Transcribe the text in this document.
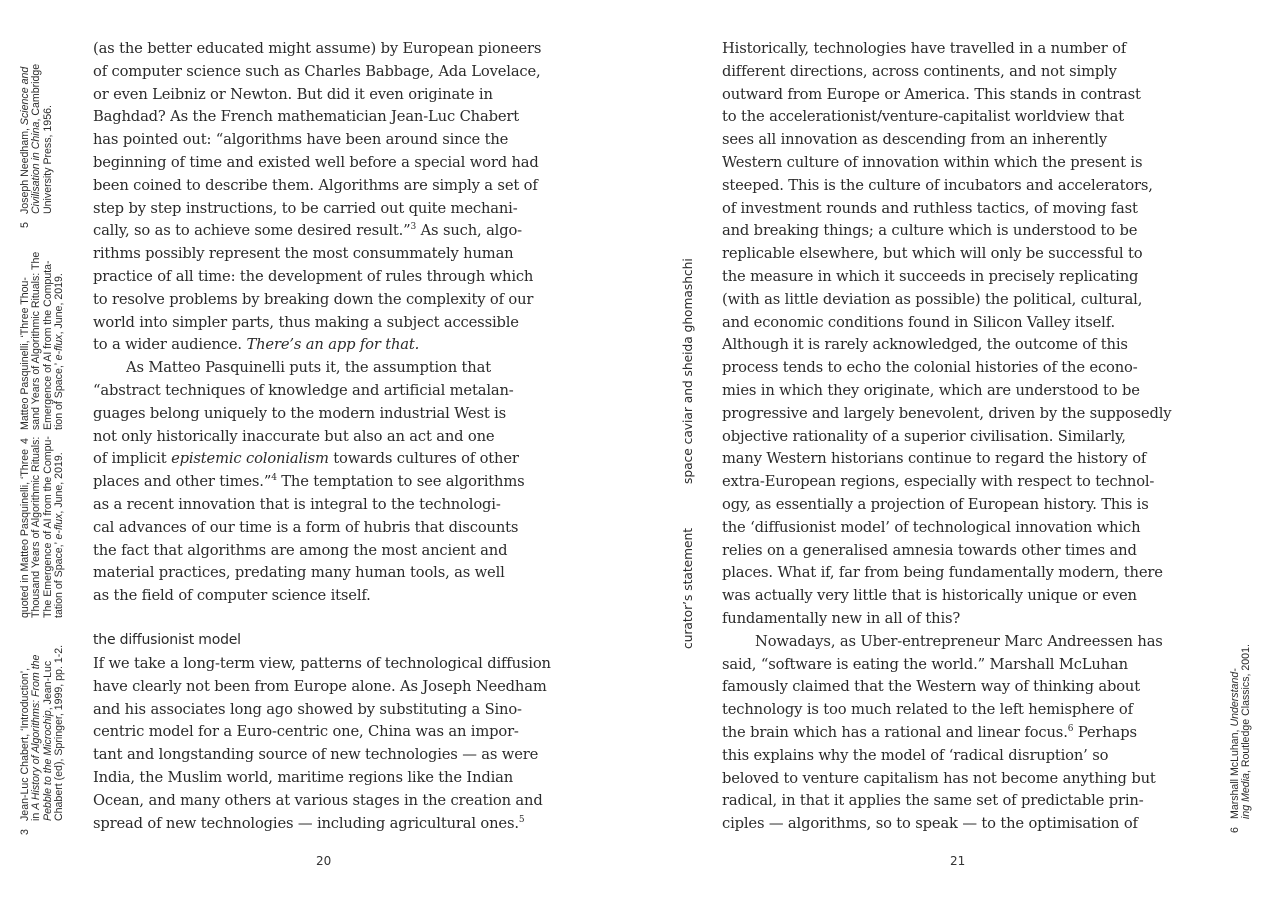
3Jean-Luc Chabert, ‘Introduction’, in A History of Algorithms: From the Pebble to the Microchip, Jean-Luc Chabert (ed), Springer, 1999, pp. 1-2.
quoted in Matteo Pasquinelli, ‘Three Thousand Years of Algorithmic Rituals: The Emergence of AI from the Compu- tation of Space,’ e-flux, June, 2019.
4Matteo Pasquinelli, ‘Three Thou- sand Years of Algorithmic Rituals: The Emergence of AI from the Computa- tion of Space,’ e-flux, June, 2019.
5Joseph Needham, Science and
Civilisation in China, Cambridge
University Press, 1956.
(as the better educated might assume) by European pioneers
of computer science such as Charles Babbage, Ada Lovelace,
or even Leibniz or Newton. But did it even originate in
Baghdad? As the French mathematician Jean-Luc Chabert
has pointed out: “algorithms have been around since the
beginning of time and existed well before a special word had
been coined to describe them. Algorithms are simply a set of
step by step instructions, to be carried out quite mechani-
cally, so as to achieve some desired result.”$^3$ As such, algo-
rithms possibly represent the most consummately human
practice of all time: the development of rules through which
to resolve problems by breaking down the complexity of our
world into simpler parts, thus making a subject accessible
to a wider audience. There’s an app for that.
As Matteo Pasquinelli puts it, the assumption that
“abstract techniques of knowledge and artificial metalan-
guages belong uniquely to the modern industrial West is
not only historically inaccurate but also an act and one
of implicit epistemic colonialism towards cultures of other
places and other times.”$^4$ The temptation to see algorithms
as a recent innovation that is integral to the technologi-
cal advances of our time is a form of hubris that discounts
the fact that algorithms are among the most ancient and
material practices, predating many human tools, as well
as the field of computer science itself.
the diffusionist model
If we take a long-term view, patterns of technological diffusion
have clearly not been from Europe alone. As Joseph Needham
and his associates long ago showed by substituting a Sino-
centric model for a Euro-centric one, China was an impor-
tant and longstanding source of new technologies — as were
India, the Muslim world, maritime regions like the Indian
Ocean, and many others at various stages in the creation and
spread of new technologies — including agricultural ones.$^5$
20
curator’s statementspace caviar and sheida ghomashchi
Historically, technologies have travelled in a number of
different directions, across continents, and not simply
outward from Europe or America. This stands in contrast
to the accelerationist/venture-capitalist worldview that
sees all innovation as descending from an inherently
Western culture of innovation within which the present is
steeped. This is the culture of incubators and accelerators,
of investment rounds and ruthless tactics, of moving fast
and breaking things; a culture which is understood to be
replicable elsewhere, but which will only be successful to
the measure in which it succeeds in precisely replicating
(with as little deviation as possible) the political, cultural,
and economic conditions found in Silicon Valley itself.
Although it is rarely acknowledged, the outcome of this
process tends to echo the colonial histories of the econo-
mies in which they originate, which are understood to be
progressive and largely benevolent, driven by the supposedly
objective rationality of a superior civilisation. Similarly,
many Western historians continue to regard the history of
extra-European regions, especially with respect to technol-
ogy, as essentially a projection of European history. This is
the ‘diffusionist model’ of technological innovation which
relies on a generalised amnesia towards other times and
places. What if, far from being fundamentally modern, there
was actually very little that is historically unique or even
fundamentally new in all of this?
Nowadays, as Uber-entrepreneur Marc Andreessen has
said, “software is eating the world.” Marshall McLuhan
famously claimed that the Western way of thinking about
technology is too much related to the left hemisphere of
the brain which has a rational and linear focus.$^6$ Perhaps
this explains why the model of ‘radical disruption’ so
beloved to venture capitalism has not become anything but
radical, in that it applies the same set of predictable prin-
ciples — algorithms, so to speak — to the optimisation of	6Marshall McLuhan, Understand-
ing Media, Routledge Classics, 2001.
21
